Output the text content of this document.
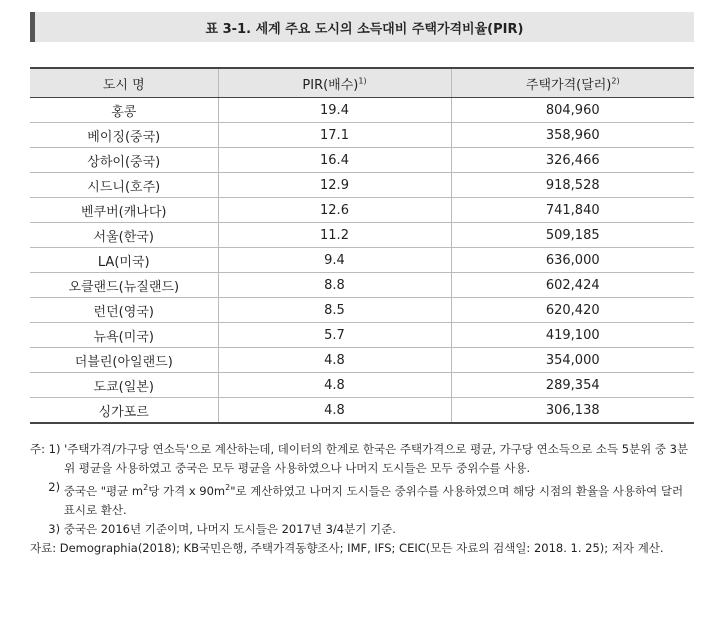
표 3-1. 세계 주요 도시의 소득대비 주택가격비율(PIR)
도시 명	PIR(배수)$^{1)}$	주택가격(달러)$^{2)}$
홍콩	19.4	804,960
베이징(중국)	17.1	358,960
상하이(중국)	16.4	326,466
시드니(호주)	12.9	918,528
벤쿠버(캐나다)	12.6	741,840
서울(한국)	11.2	509,185
LA(미국)	9.4	636,000
오클랜드(뉴질랜드)	8.8	602,424
런던(영국)	8.5	620,420
뉴욕(미국)	5.7	419,100
더블린(아일랜드)	4.8	354,000
도쿄(일본)	4.8	289,354
싱가포르	4.8	306,138
주: 1) '주택가격/가구당 연소득'으로 계산하는데, 데이터의 한계로 한국은 주택가격으로 평균, 가구당 연소득으로 소득 5분위 중 3분위 평균을 사용하였고 중국은 모두 평균을 사용하였으나 나머지 도시들은 모두 중위수를 사용.
2) 중국은 "평균 $m^2$당 가격 x $90m^2$"로 계산하였고 나머지 도시들은 중위수를 사용하였으며 해당 시점의 환율을 사용하여 달러 표시로 환산.
3) 중국은 2016년 기준이며, 나머지 도시들은 2017년 3/4분기 기준.
자료: Demographia(2018); KB국민은행, 주택가격동향조사; IMF, IFS; CEIC(모든 자료의 검색일: 2018. 1. 25); 저자 계산.
